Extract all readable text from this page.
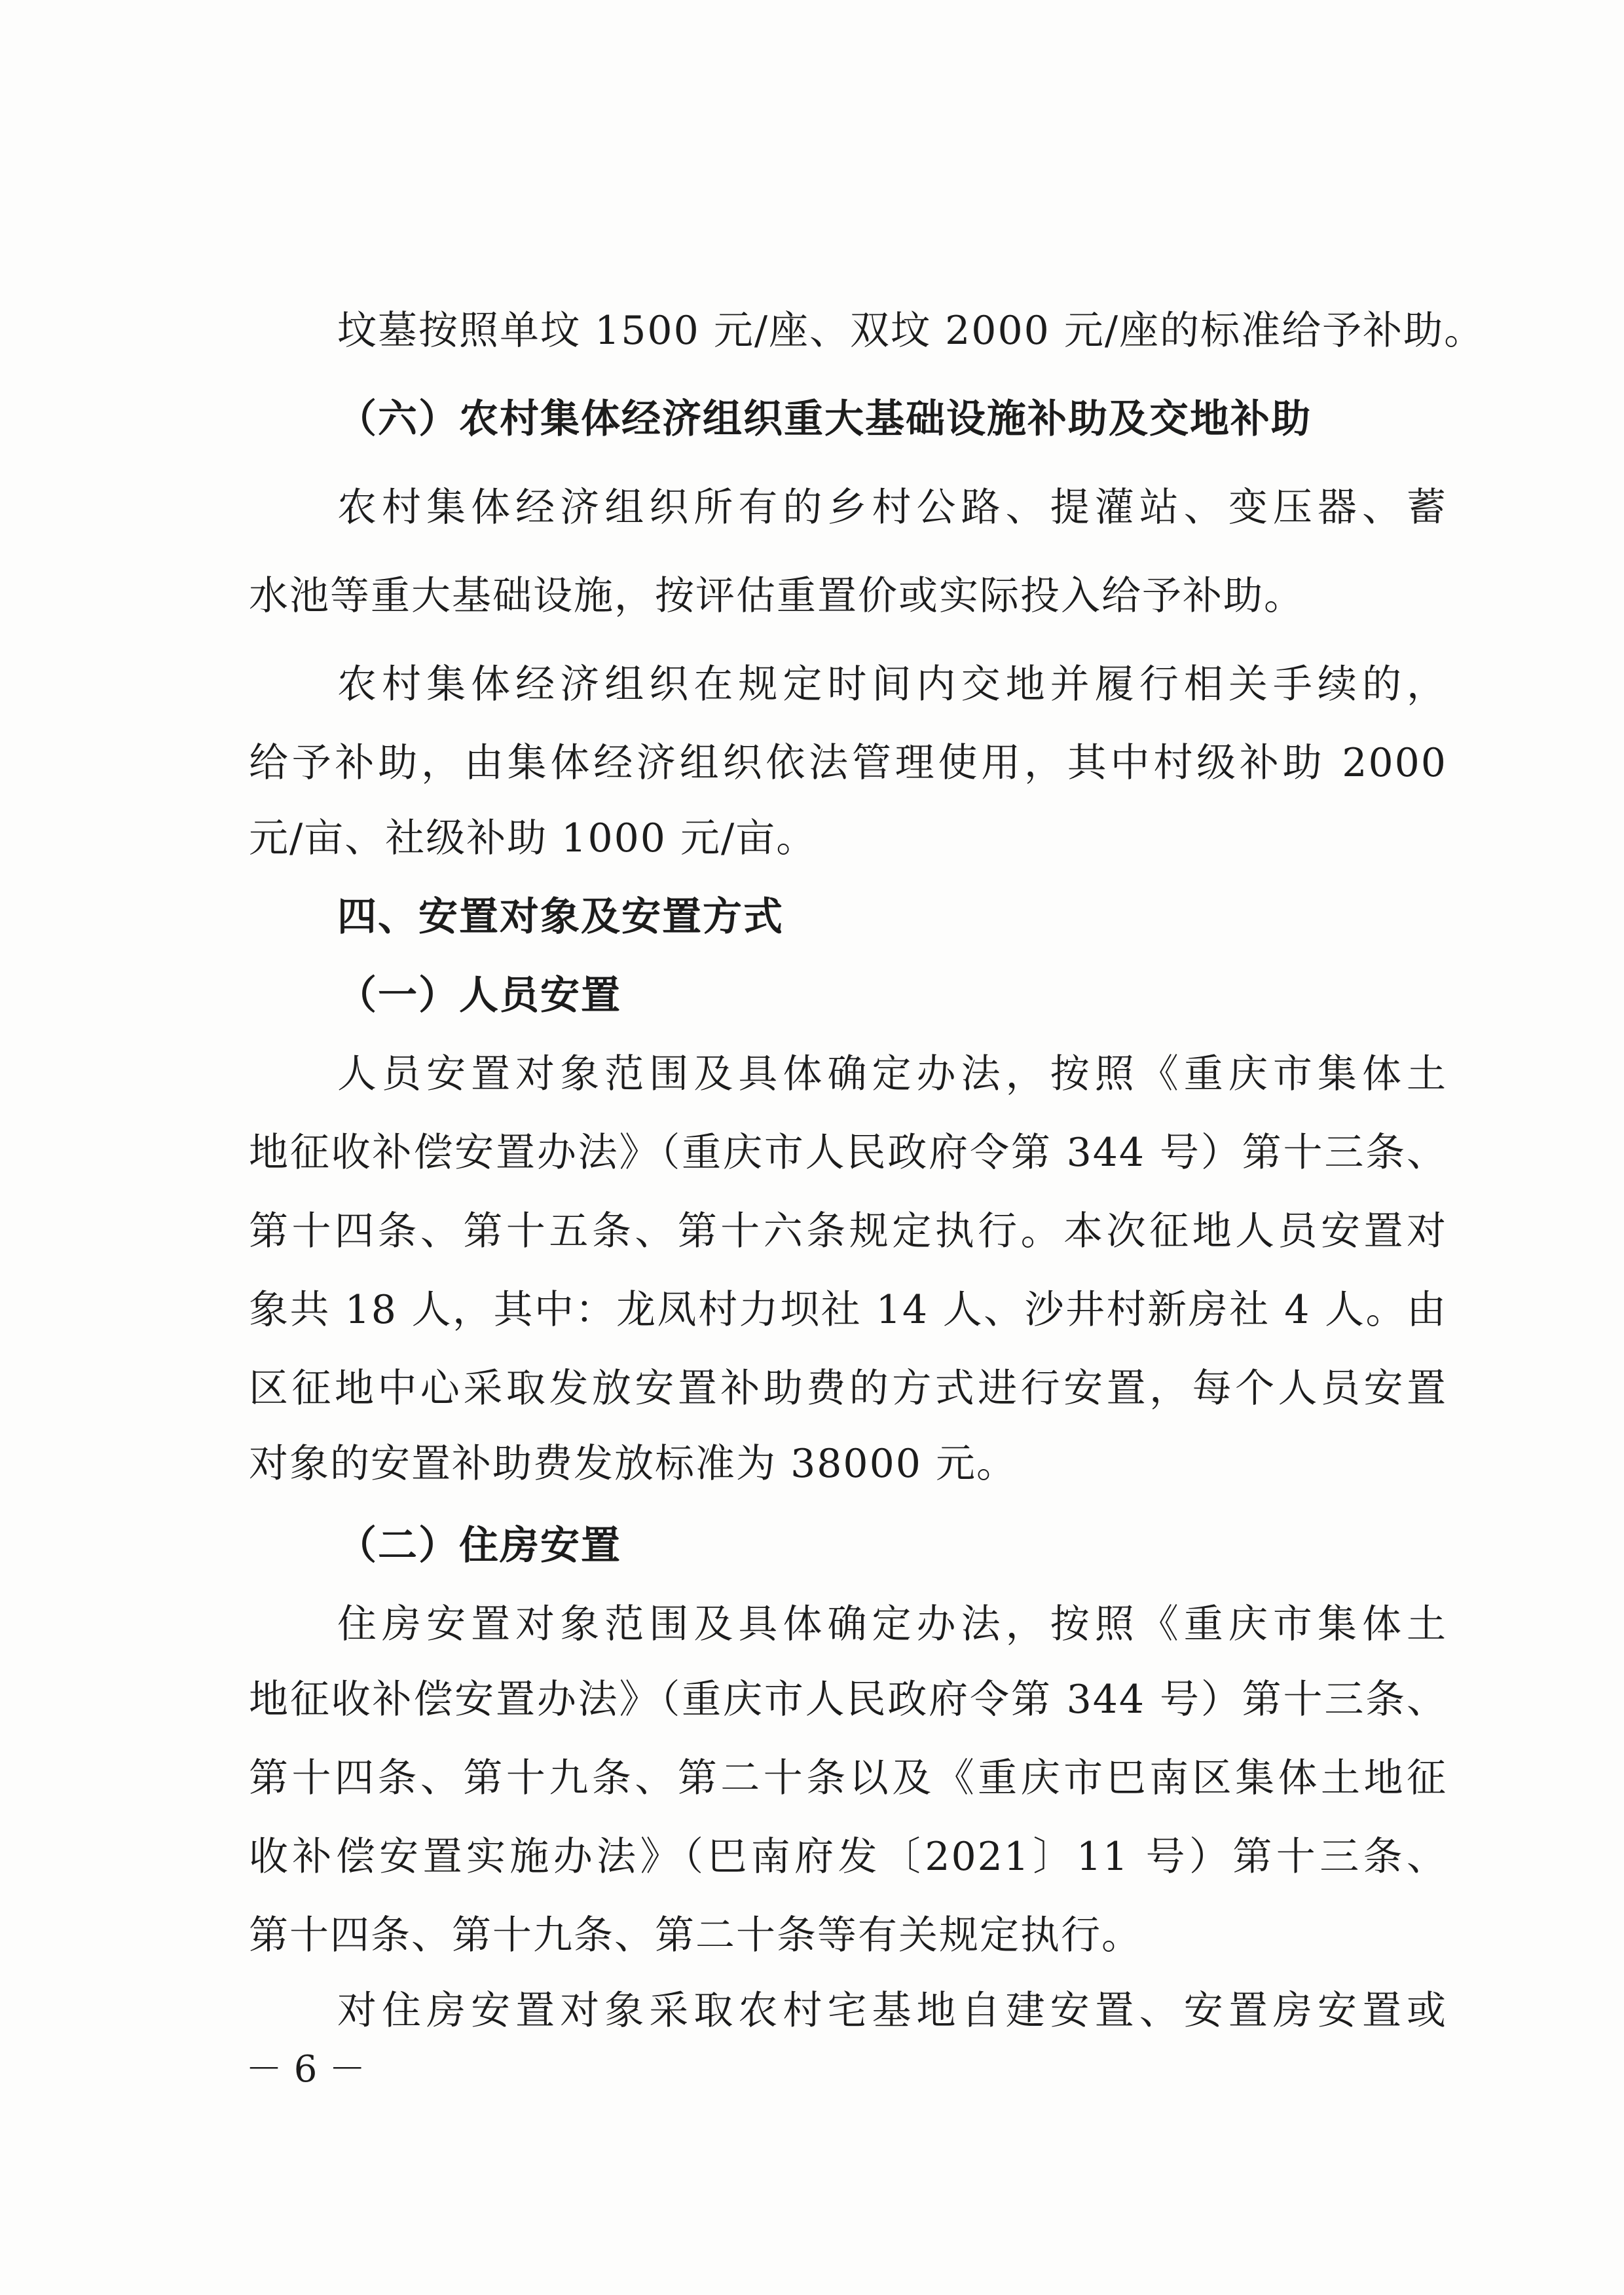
坟墓按照单坟 1500 元/座、双坟 2000 元/座的标准给予补助。
（六）农村集体经济组织重大基础设施补助及交地补助
农村集体经济组织所有的乡村公路、提灌站、变压器、蓄
水池等重大基础设施，按评估重置价或实际投入给予补助。
农村集体经济组织在规定时间内交地并履行相关手续的，
给予补助，由集体经济组织依法管理使用，其中村级补助 2000
元/亩、社级补助 1000 元/亩。
四、安置对象及安置方式
（一）人员安置
人员安置对象范围及具体确定办法，按照《重庆市集体土
地征收补偿安置办法》（重庆市人民政府令第 344 号）第十三条、
第十四条、第十五条、第十六条规定执行。本次征地人员安置对
象共 18 人，其中：龙凤村力坝社 14 人、沙井村新房社 4 人。由
区征地中心采取发放安置补助费的方式进行安置，每个人员安置
对象的安置补助费发放标准为 38000 元。
（二）住房安置
住房安置对象范围及具体确定办法，按照《重庆市集体土
地征收补偿安置办法》（重庆市人民政府令第 344 号）第十三条、
第十四条、第十九条、第二十条以及《重庆市巴南区集体土地征
收补偿安置实施办法》（巴南府发〔2021〕11 号）第十三条、
第十四条、第十九条、第二十条等有关规定执行。
对住房安置对象采取农村宅基地自建安置、安置房安置或
－ 6 －
